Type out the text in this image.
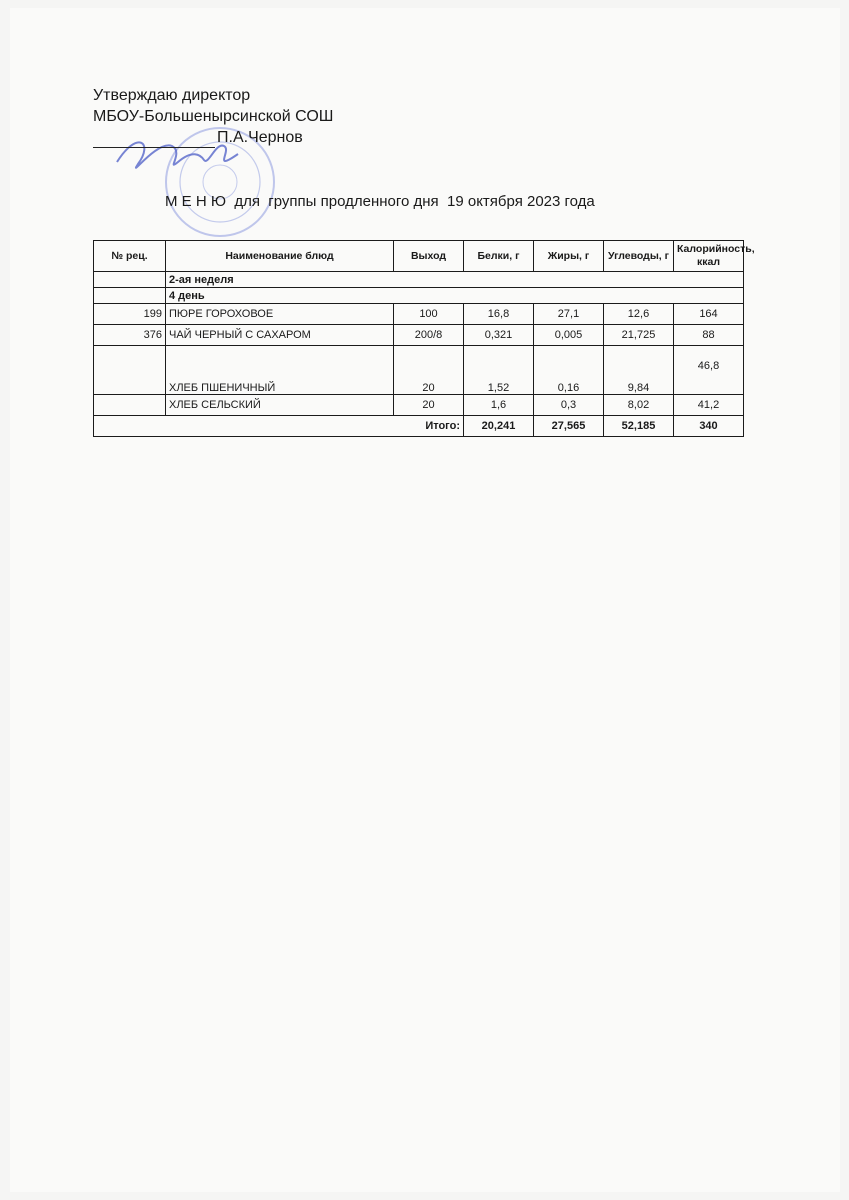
Утверждаю директор
МБОУ-Большенырсинской СОШ
П.А.Чернов
М Е Н Ю  для  группы продленного дня  19 октября 2023 года
№ рец.	Наименование блюд	Выход	Белки, г	Жиры, г	Углеводы, г	Калорийность, ккал
	2-ая неделя					
	4 день					
199	ПЮРЕ ГОРОХОВОЕ	100	16,8	27,1	12,6	164
376	ЧАЙ ЧЕРНЫЙ С САХАРОМ	200/8	0,321	0,005	21,725	88
	ХЛЕБ ПШЕНИЧНЫЙ	20	1,52	0,16	9,84	46,8
	ХЛЕБ СЕЛЬСКИЙ	20	1,6	0,3	8,02	41,2
Итого:			20,241	27,565	52,185	340
